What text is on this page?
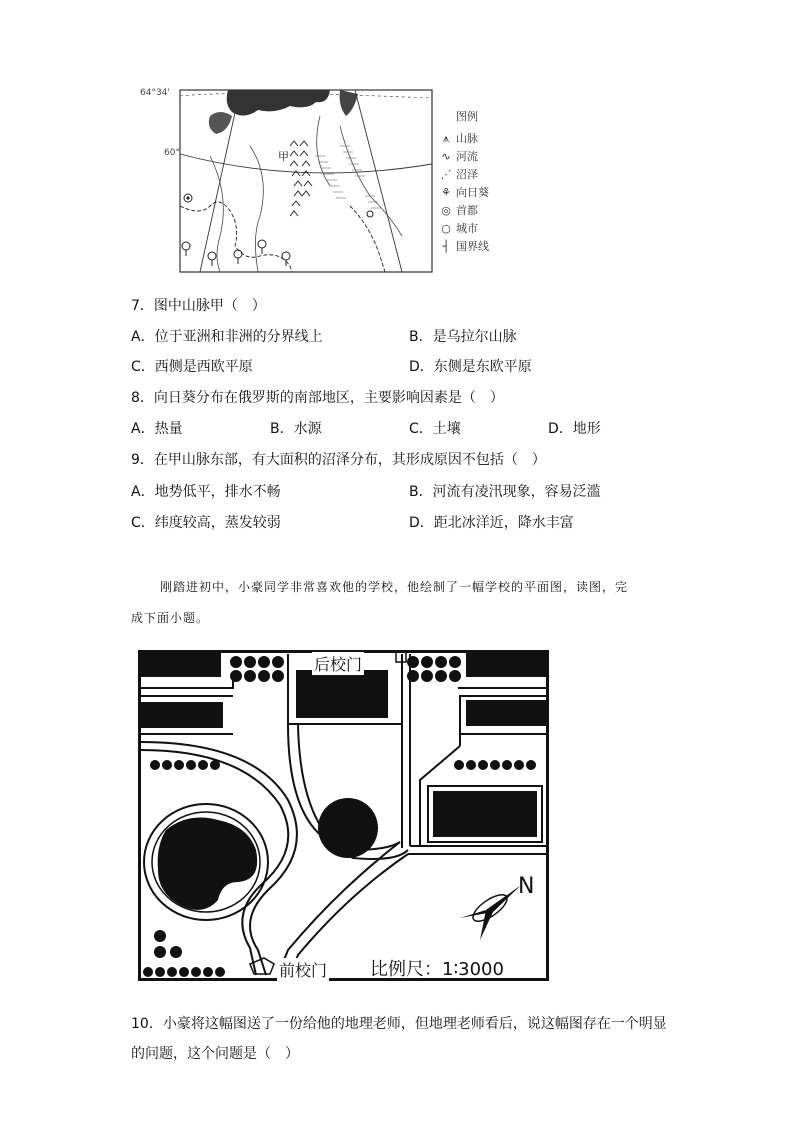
64°34'
60°	甲
图例
⩚ 山脉
∿ 河流
⋰ 沼泽
⚘ 向日葵
◎ 首都
○ 城市
┤ 国界线
7．图中山脉甲（　）
A．位于亚洲和非洲的分界线上	B．是乌拉尔山脉
C．西侧是西欧平原	D．东侧是东欧平原
8．向日葵分布在俄罗斯的南部地区，主要影响因素是（　）
A．热量	B．水源	C．土壤	D．地形
9．在甲山脉东部，有大面积的沼泽分布，其形成原因不包括（　）
A．地势低平，排水不畅	B．河流有凌汛现象，容易泛滥
C．纬度较高，蒸发较弱	D．距北冰洋近，降水丰富
刚踏进初中，小豪同学非常喜欢他的学校，他绘制了一幅学校的平面图，读图，完
成下面小题。
后校门
前校门
N
比例尺：1∶3000
10．小豪将这幅图送了一份给他的地理老师，但地理老师看后，说这幅图存在一个明显
的问题，这个问题是（　）
